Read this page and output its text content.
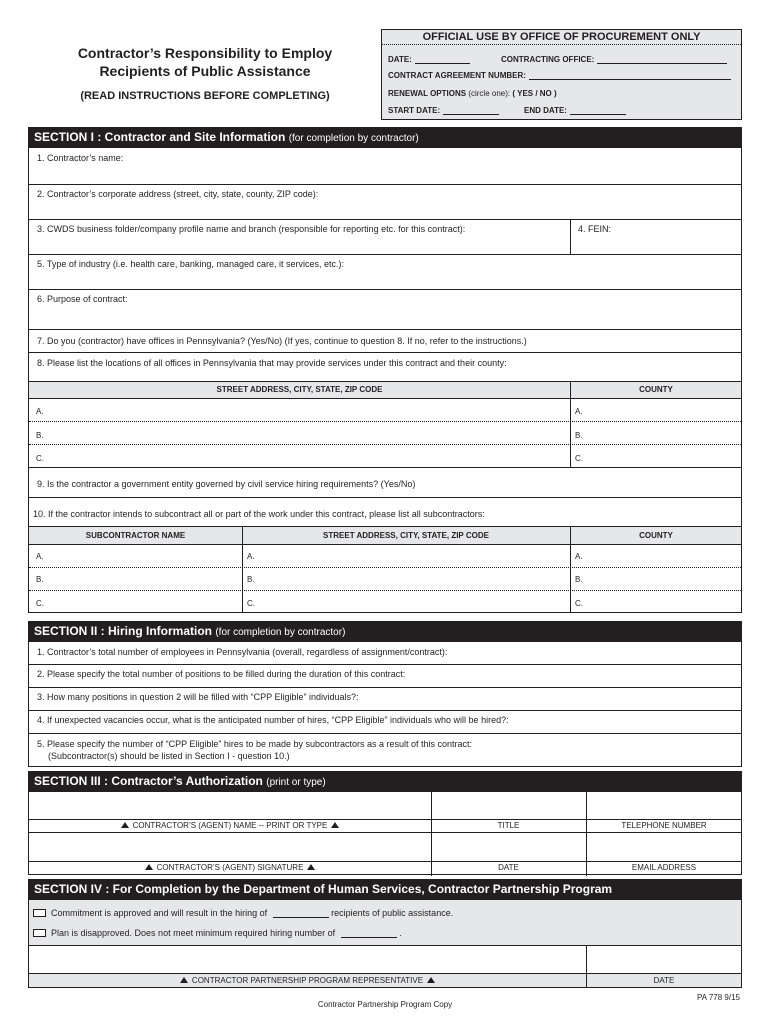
Contractor’s Responsibility to Employ
Recipients of Public Assistance
(READ INSTRUCTIONS BEFORE COMPLETING)
OFFICIAL USE BY OFFICE OF PROCUREMENT ONLY
DATE:	CONTRACTING OFFICE:
CONTRACT AGREEMENT NUMBER:
RENEWAL OPTIONS (circle one): ( YES / NO )
START DATE:	END DATE:
SECTION I : Contractor and Site Information (for completion by contractor)
1. Contractor’s name:
2. Contractor’s corporate address (street, city, state, county, ZIP code):
3. CWDS business folder/company profile name and branch (responsible for reporting etc. for this contract):	4. FEIN:
5. Type of industry (i.e. health care, banking, managed care, it services, etc.):
6. Purpose of contract:
7. Do you (contractor) have offices in Pennsylvania? (Yes/No) (If yes, continue to question 8. If no, refer to the instructions.)
8. Please list the locations of all offices in Pennsylvania that may provide services under this contract and their county:
STREET ADDRESS, CITY, STATE, ZIP CODE	COUNTY
A.	A.
B.	B.
C.	C.
9. Is the contractor a government entity governed by civil service hiring requirements? (Yes/No)
10. If the contractor intends to subcontract all or part of the work under this contract, please list all subcontractors:
SUBCONTRACTOR NAME	STREET ADDRESS, CITY, STATE, ZIP CODE	COUNTY
A.	A.	A.
B.	B.	B.
C.	C.	C.
SECTION II : Hiring Information (for completion by contractor)
1. Contractor’s total number of employees in Pennsylvania (overall, regardless of assignment/contract):
2. Please specify the total number of positions to be filled during the duration of this contract:
3. How many positions in question 2 will be filled with “CPP Eligible” individuals?:
4. If unexpected vacancies occur, what is the anticipated number of hires, “CPP Eligible” individuals who will be hired?:
5. Please specify the number of “CPP Eligible” hires to be made by subcontractors as a result of this contract:
(Subcontractor(s) should be listed in Section I - question 10.)
SECTION III : Contractor’s Authorization (print or type)
CONTRACTOR’S (AGENT) NAME -- PRINT OR TYPE	TITLE	TELEPHONE NUMBER
CONTRACTOR’S (AGENT) SIGNATURE	DATE	EMAIL ADDRESS
SECTION IV : For Completion by the Department of Human Services, Contractor Partnership Program
Commitment is approved and will result in the hiring of	recipients of public assistance.
Plan is disapproved. Does not meet minimum required hiring number of	.
CONTRACTOR PARTNERSHIP PROGRAM REPRESENTATIVE	DATE
PA 778 9/15
Contractor Partnership Program Copy
